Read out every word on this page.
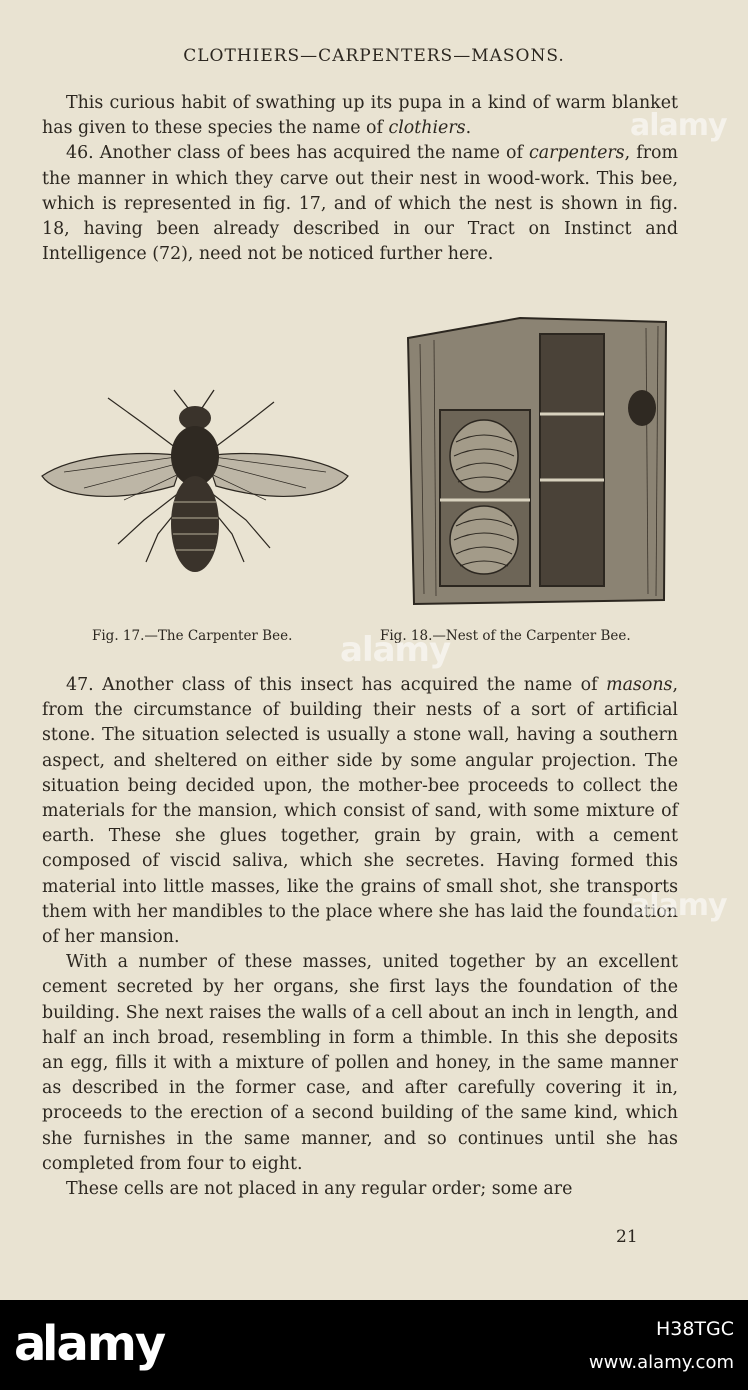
CLOTHIERS—CARPENTERS—MASONS.

This curious habit of swathing up its pupa in a kind of warm blanket has given to these species the name of clothiers.

46. Another class of bees has acquired the name of carpenters, from the manner in which they carve out their nest in wood-work. This bee, which is represented in fig. 17, and of which the nest is shown in fig. 18, having been already described in our Tract on Instinct and Intelligence (72), need not be noticed further here.

Fig. 17.—The Carpenter Bee.	Fig. 18.—Nest of the Carpenter Bee.

47. Another class of this insect has acquired the name of masons, from the circumstance of building their nests of a sort of artificial stone. The situation selected is usually a stone wall, having a southern aspect, and sheltered on either side by some angular projection. The situation being decided upon, the mother-bee proceeds to collect the materials for the mansion, which consist of sand, with some mixture of earth. These she glues together, grain by grain, with a cement composed of viscid saliva, which she secretes. Having formed this material into little masses, like the grains of small shot, she transports them with her mandibles to the place where she has laid the foundation of her mansion.

With a number of these masses, united together by an excellent cement secreted by her organs, she first lays the foundation of the building. She next raises the walls of a cell about an inch in length, and half an inch broad, resembling in form a thimble. In this she deposits an egg, fills it with a mixture of pollen and honey, in the same manner as described in the former case, and after carefully covering it in, proceeds to the erection of a second building of the same kind, which she furnishes in the same manner, and so continues until she has completed from four to eight.

These cells are not placed in any regular order; some are

21
alamy
alamy
alamy
a
lamy	H38TGC
www.alamy.com
